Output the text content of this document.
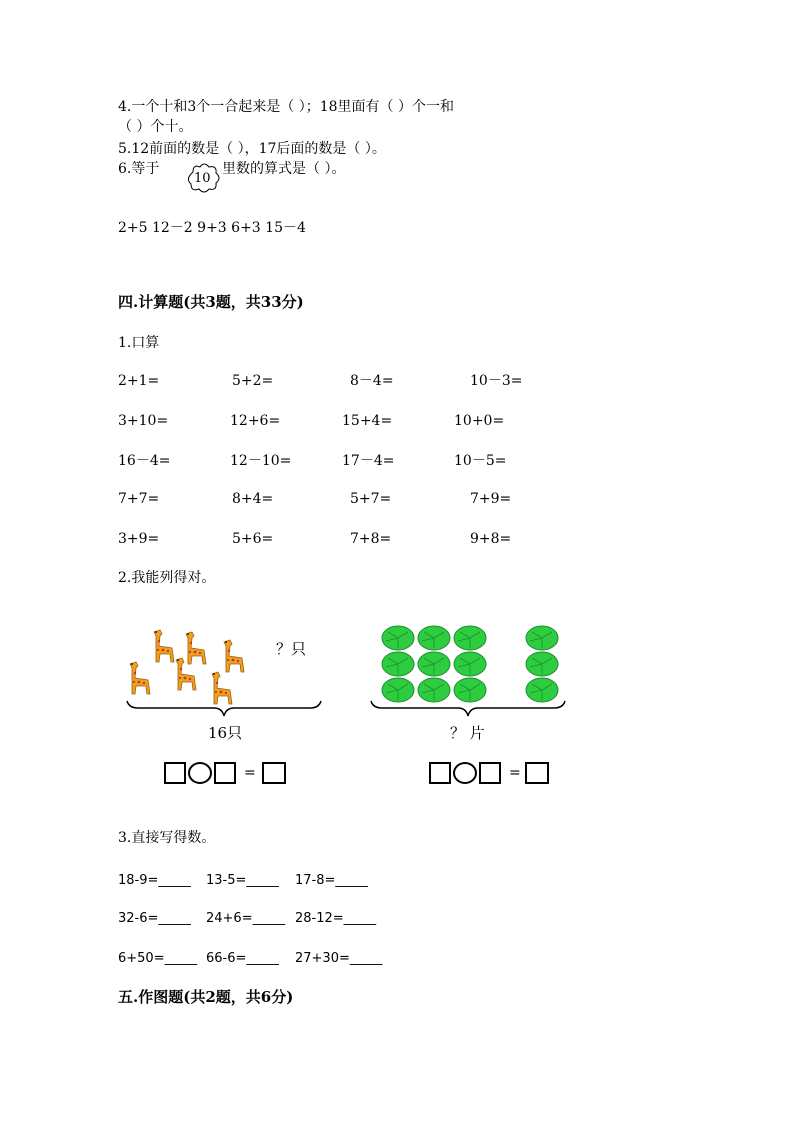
4.一个十和3个一合起来是（ ）；18里面有（ ）个一和
（ ）个十。
5.12前面的数是（ ），17后面的数是（ ）。
6.等于
10
里数的算式是（ ）。
2+5 12－2 9+3 6+3 15－4
四.计算题(共3题，共33分)
1.口算
2+1=	5+2=	8－4=	10－3=
3+10=	12+6=	15+4=	10+0=
16－4=	12－10=	17－4=	10－5=
7+7=	8+4=	5+7=	7+9=
3+9=	5+6=	7+8=	9+8=
2.我能列得对。
？只
16只
=
？ 片
=
3.直接写得数。
18-9=_____ 13-5=_____ 17-8=_____
32-6=_____ 24+6=_____ 28-12=_____
6+50=_____ 66-6=_____ 27+30=_____
五.作图题(共2题，共6分)
